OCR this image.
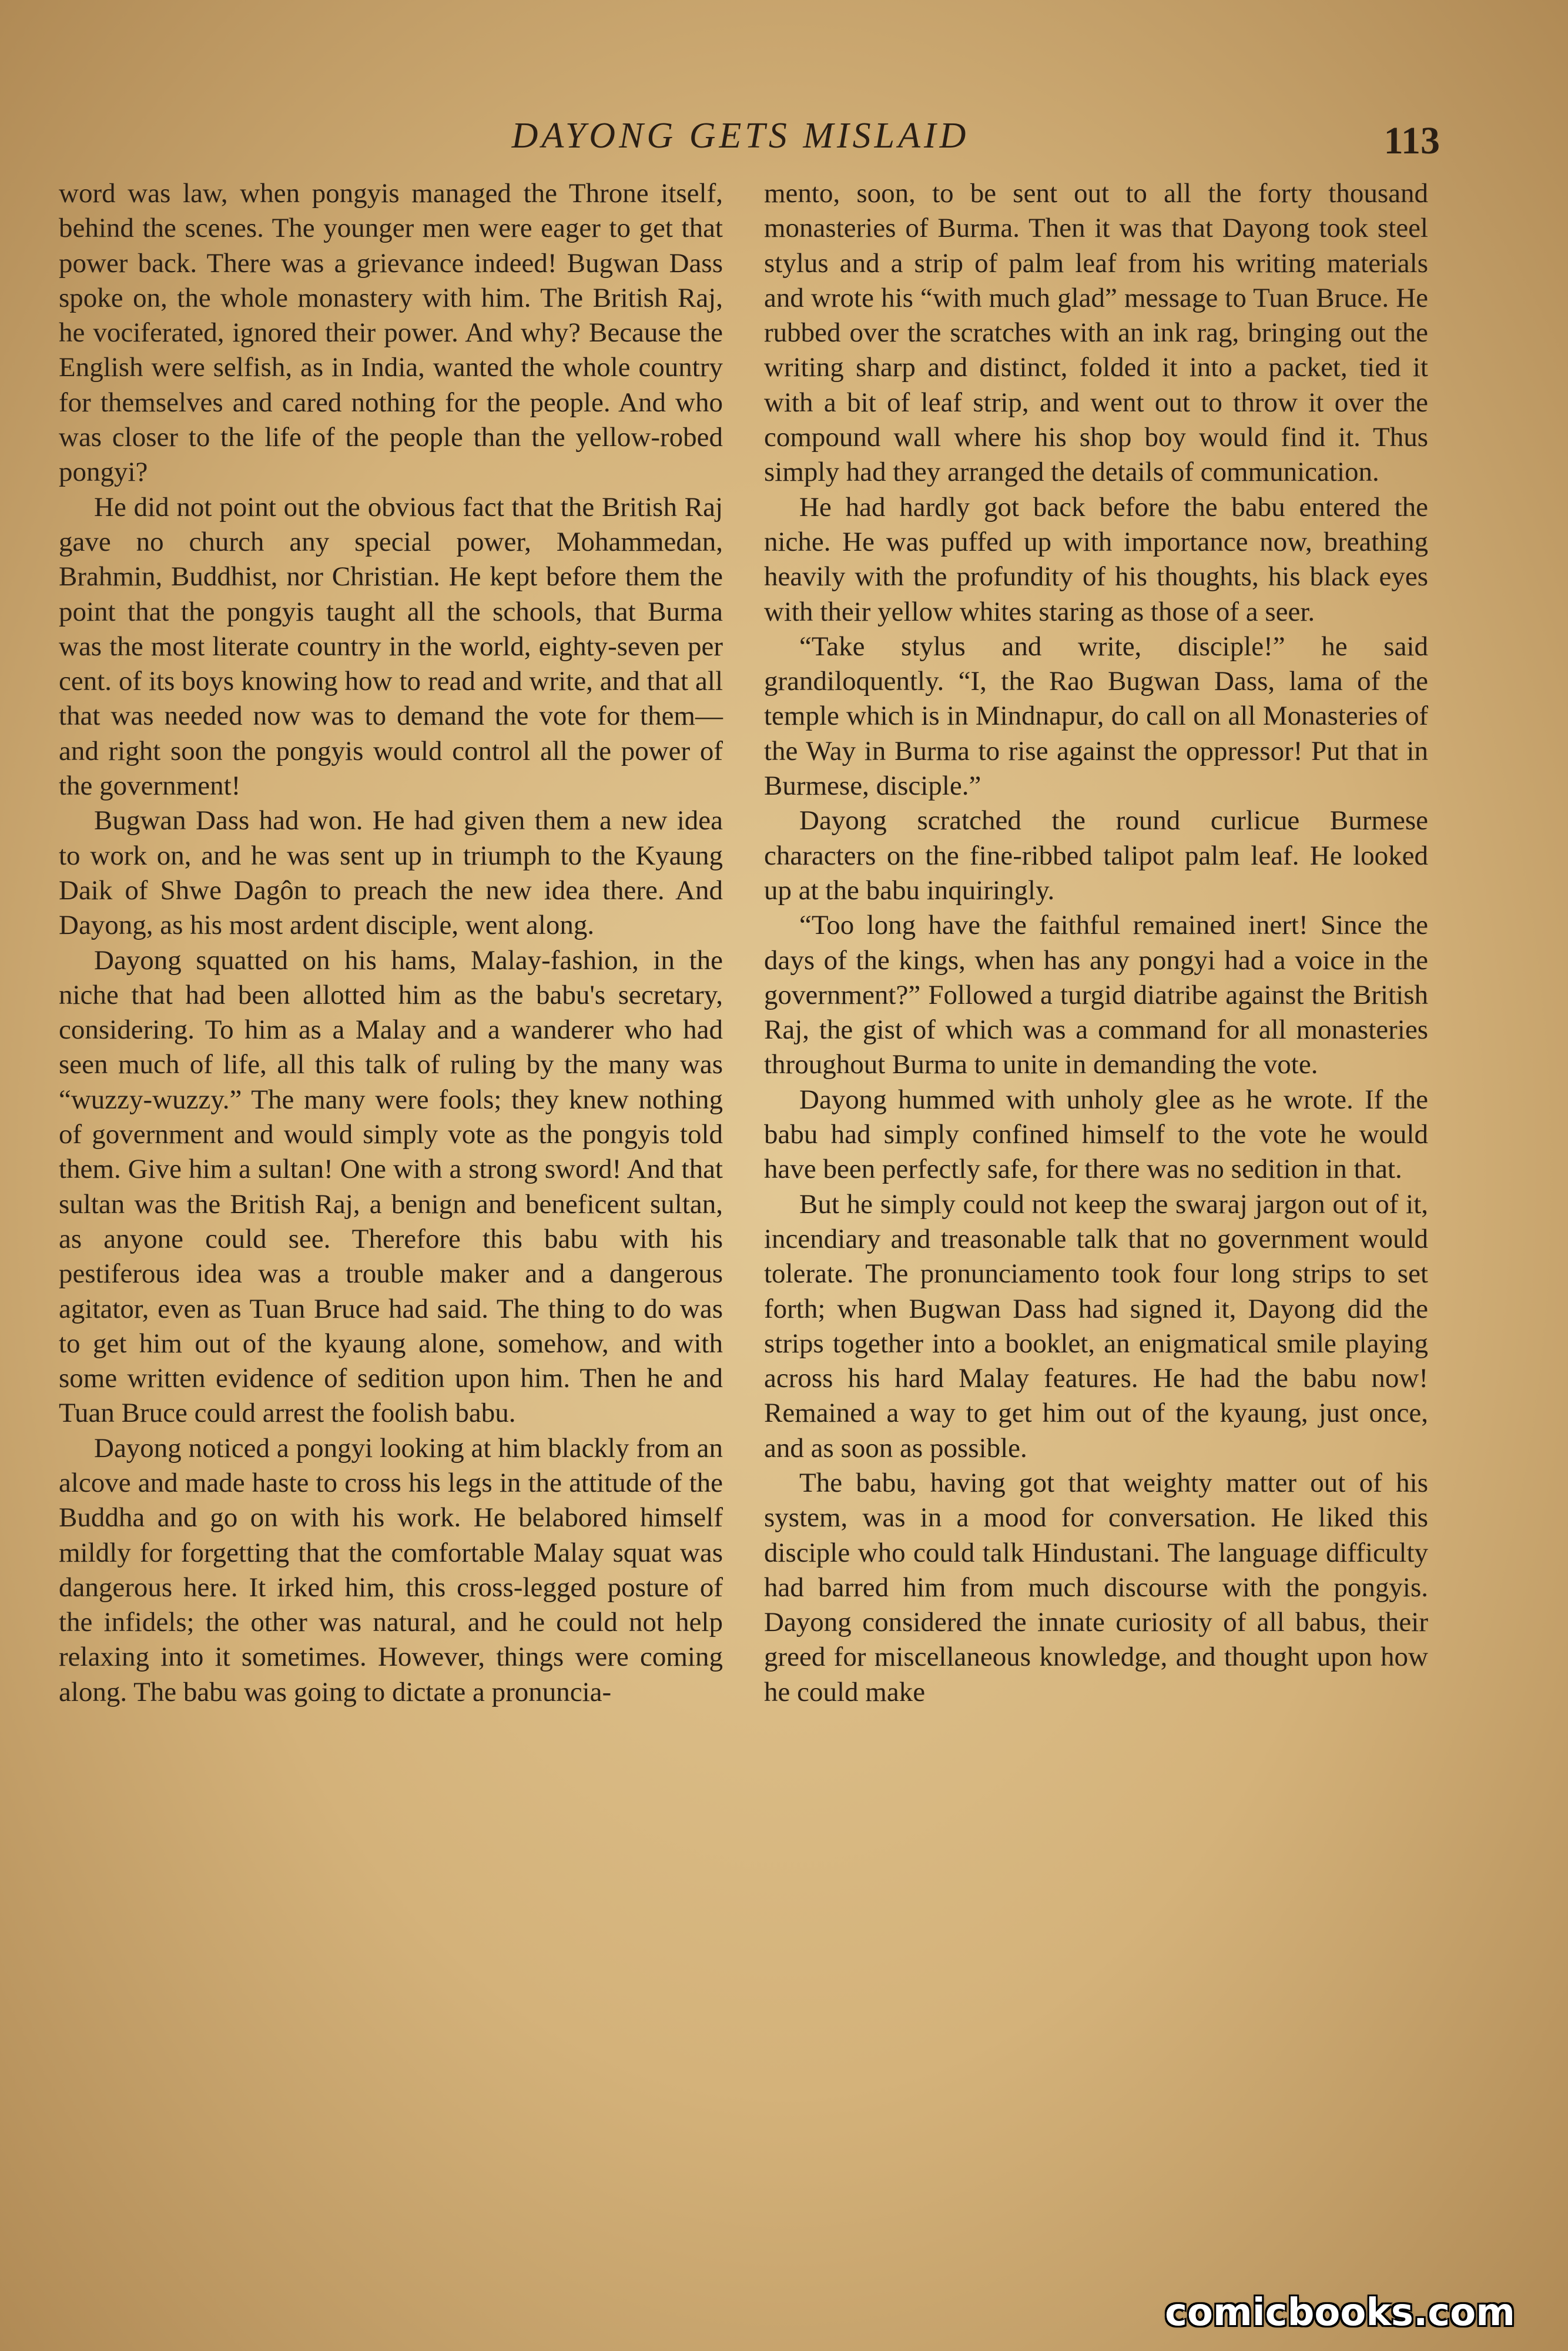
DAYONG GETS MISLAID	113

word was law, when pongyis managed the Throne itself, behind the scenes. The younger men were eager to get that power back. There was a grievance indeed! Bugwan Dass spoke on, the whole monastery with him. The British Raj, he vociferated, ignored their power. And why? Because the English were selfish, as in India, wanted the whole country for themselves and cared nothing for the people. And who was closer to the life of the people than the yellow-robed pongyi?

He did not point out the obvious fact that the British Raj gave no church any special power, Mohammedan, Brahmin, Buddhist, nor Christian. He kept before them the point that the pongyis taught all the schools, that Burma was the most literate country in the world, eighty-seven per cent. of its boys knowing how to read and write, and that all that was needed now was to demand the vote for them—and right soon the pongyis would control all the power of the government!

Bugwan Dass had won. He had given them a new idea to work on, and he was sent up in triumph to the Kyaung Daik of Shwe Dagôn to preach the new idea there. And Dayong, as his most ardent disciple, went along.

Dayong squatted on his hams, Malay-fashion, in the niche that had been allotted him as the babu's secretary, considering. To him as a Malay and a wanderer who had seen much of life, all this talk of ruling by the many was “wuzzy-wuzzy.” The many were fools; they knew nothing of government and would simply vote as the pongyis told them. Give him a sultan! One with a strong sword! And that sultan was the British Raj, a benign and beneficent sultan, as anyone could see. Therefore this babu with his pestiferous idea was a trouble maker and a dangerous agitator, even as Tuan Bruce had said. The thing to do was to get him out of the kyaung alone, somehow, and with some written evidence of sedition upon him. Then he and Tuan Bruce could arrest the foolish babu.

Dayong noticed a pongyi looking at him blackly from an alcove and made haste to cross his legs in the attitude of the Buddha and go on with his work. He belabored himself mildly for forgetting that the comfortable Malay squat was dangerous here. It irked him, this cross-legged posture of the infidels; the other was natural, and he could not help relaxing into it sometimes. However, things were coming along. The babu was going to dictate a pronuncia-

mento, soon, to be sent out to all the forty thousand monasteries of Burma. Then it was that Dayong took steel stylus and a strip of palm leaf from his writing materials and wrote his “with much glad” message to Tuan Bruce. He rubbed over the scratches with an ink rag, bringing out the writing sharp and distinct, folded it into a packet, tied it with a bit of leaf strip, and went out to throw it over the compound wall where his shop boy would find it. Thus simply had they arranged the details of communication.

He had hardly got back before the babu entered the niche. He was puffed up with importance now, breathing heavily with the profundity of his thoughts, his black eyes with their yellow whites staring as those of a seer.

“Take stylus and write, disciple!” he said grandiloquently. “I, the Rao Bugwan Dass, lama of the temple which is in Mindnapur, do call on all Monasteries of the Way in Burma to rise against the oppressor! Put that in Burmese, disciple.”

Dayong scratched the round curlicue Burmese characters on the fine-ribbed talipot palm leaf. He looked up at the babu inquiringly.

“Too long have the faithful remained inert! Since the days of the kings, when has any pongyi had a voice in the government?” Followed a turgid diatribe against the British Raj, the gist of which was a command for all monasteries throughout Burma to unite in demanding the vote.

Dayong hummed with unholy glee as he wrote. If the babu had simply confined himself to the vote he would have been perfectly safe, for there was no sedition in that.

But he simply could not keep the swaraj jargon out of it, incendiary and treasonable talk that no government would tolerate. The pronunciamento took four long strips to set forth; when Bugwan Dass had signed it, Dayong did the strips together into a booklet, an enigmatical smile playing across his hard Malay features. He had the babu now! Remained a way to get him out of the kyaung, just once, and as soon as possible.

The babu, having got that weighty matter out of his system, was in a mood for conversation. He liked this disciple who could talk Hindustani. The language difficulty had barred him from much discourse with the pongyis. Dayong considered the innate curiosity of all babus, their greed for miscellaneous knowledge, and thought upon how he could make

comicbooks.com
